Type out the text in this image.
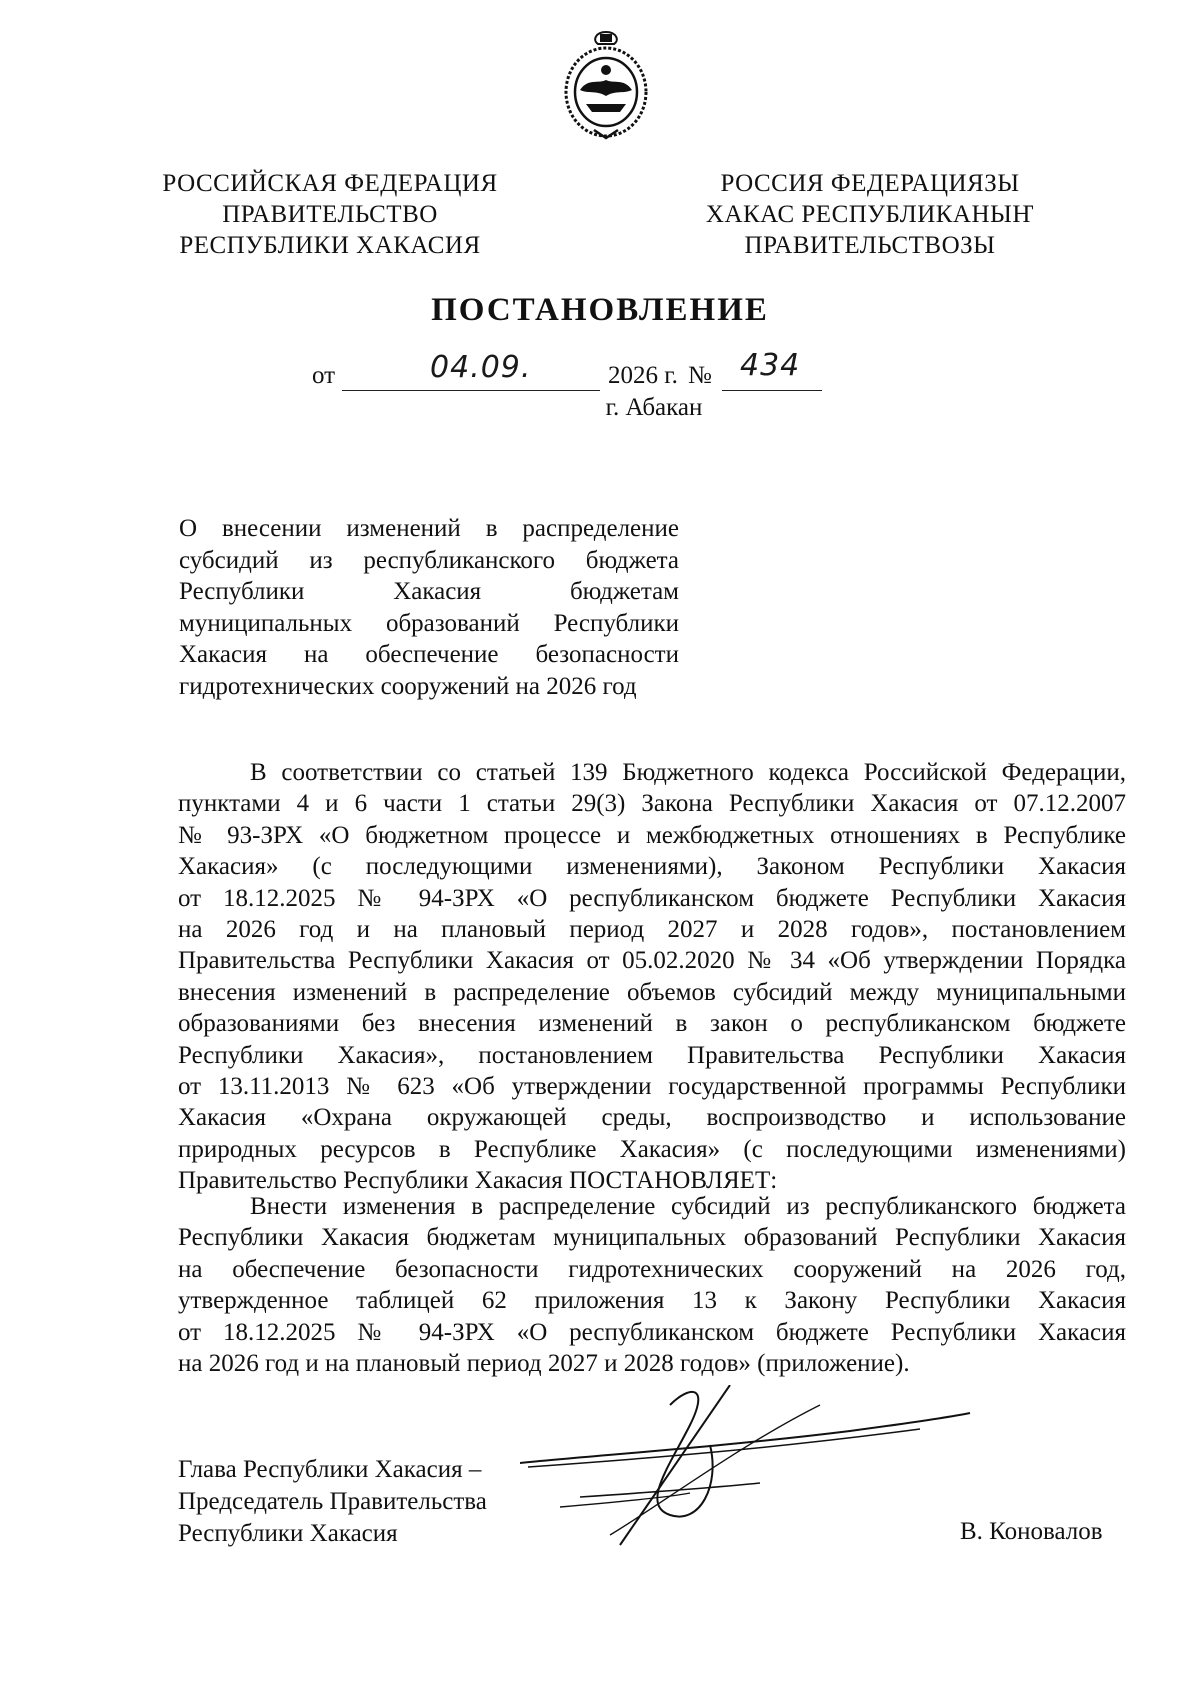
РОССИЙСКАЯ ФЕДЕРАЦИЯ
ПРАВИТЕЛЬСТВО
РЕСПУБЛИКИ ХАКАСИЯ
РОССИЯ ФЕДЕРАЦИЯЗЫ
ХАКАС РЕСПУБЛИКАНЫҤ
ПРАВИТЕЛЬСТВОЗЫ
ПОСТАНОВЛЕНИЕ
от	04.09.	2026 г. № 434
г. Абакан
О внесении изменений в распределение
субсидий из республиканского бюджета
Республики Хакасия бюджетам
муниципальных образований Республики
Хакасия на обеспечение безопасности
гидротехнических сооружений на 2026 год
В соответствии со статьей 139 Бюджетного кодекса Российской Федерации,
пунктами 4 и 6 части 1 статьи 29(3) Закона Республики Хакасия от 07.12.2007
№ 93-ЗРХ «О бюджетном процессе и межбюджетных отношениях в Республике
Хакасия» (с последующими изменениями), Законом Республики Хакасия
от 18.12.2025 № 94-ЗРХ «О республиканском бюджете Республики Хакасия
на 2026 год и на плановый период 2027 и 2028 годов», постановлением
Правительства Республики Хакасия от 05.02.2020 № 34 «Об утверждении Порядка
внесения изменений в распределение объемов субсидий между муниципальными
образованиями без внесения изменений в закон о республиканском бюджете
Республики Хакасия», постановлением Правительства Республики Хакасия
от 13.11.2013 № 623 «Об утверждении государственной программы Республики
Хакасия «Охрана окружающей среды, воспроизводство и использование
природных ресурсов в Республике Хакасия» (с последующими изменениями)
Правительство Республики Хакасия ПОСТАНОВЛЯЕТ:
Внести изменения в распределение субсидий из республиканского бюджета
Республики Хакасия бюджетам муниципальных образований Республики Хакасия
на обеспечение безопасности гидротехнических сооружений на 2026 год,
утвержденное таблицей 62 приложения 13 к Закону Республики Хакасия
от 18.12.2025 № 94-ЗРХ «О республиканском бюджете Республики Хакасия
на 2026 год и на плановый период 2027 и 2028 годов» (приложение).
Глава Республики Хакасия –
Председатель Правительства
Республики Хакасия	В. Коновалов
